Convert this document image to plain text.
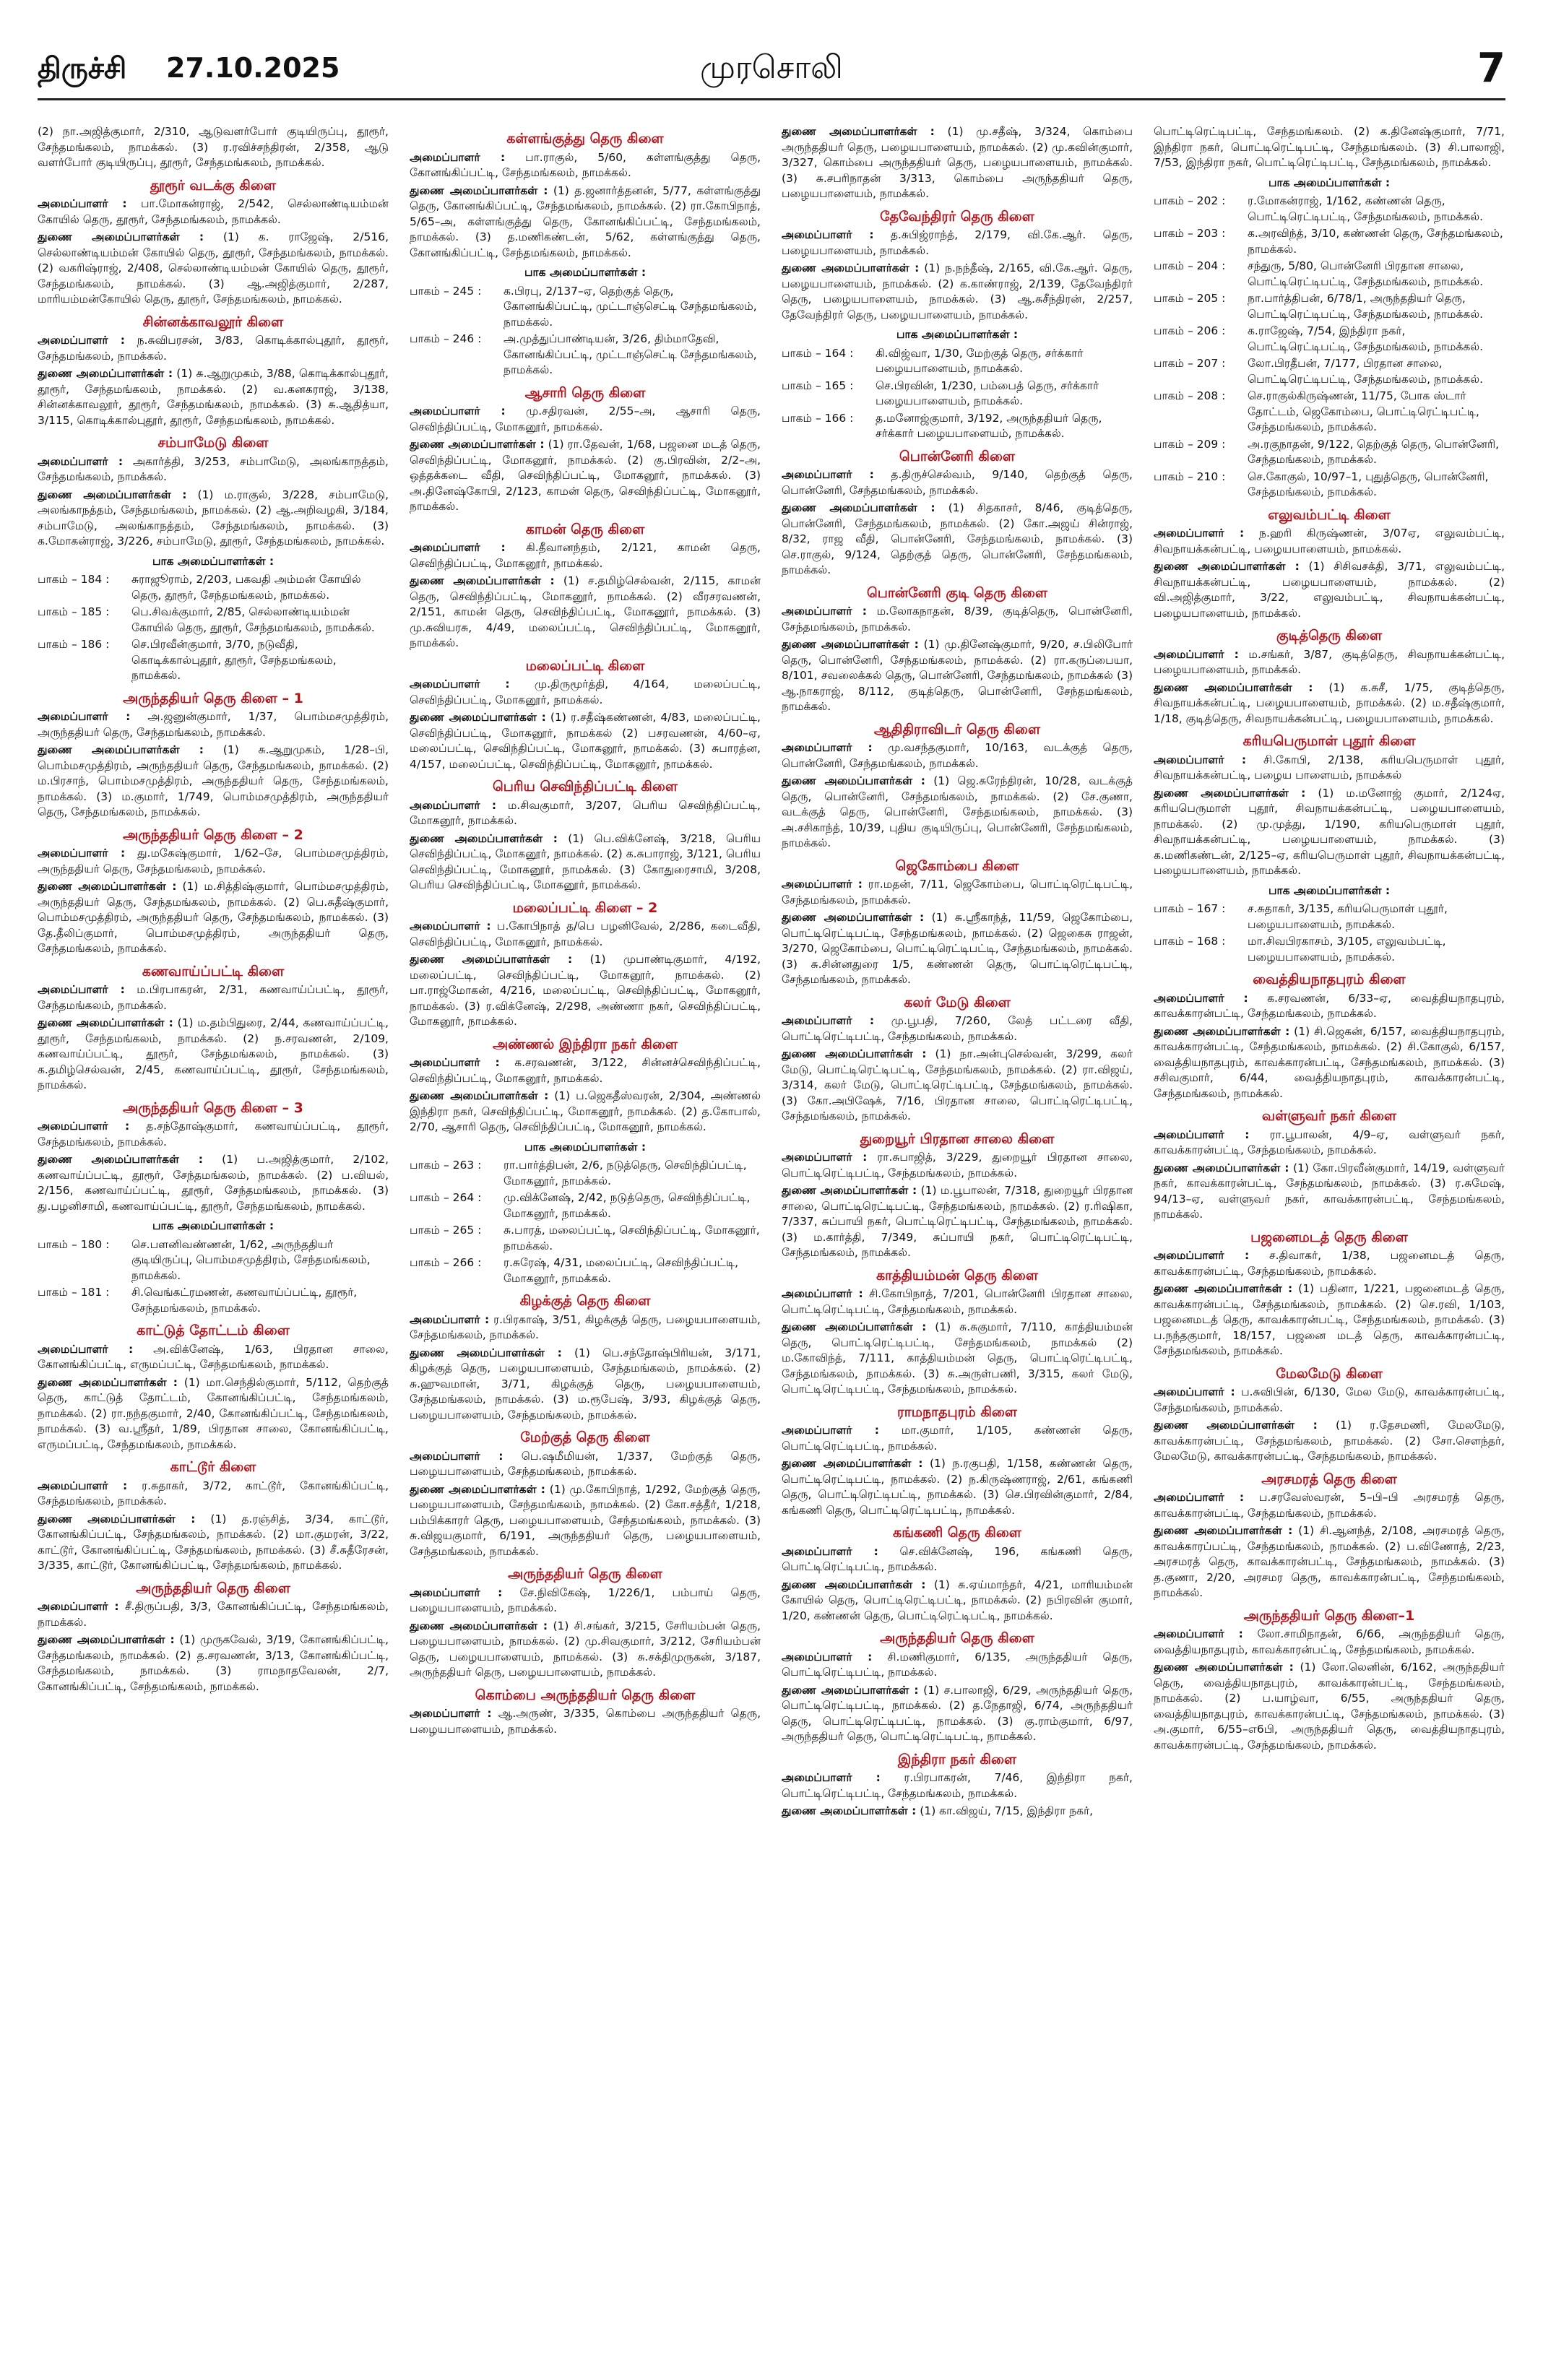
திருச்சி 27.10.2025	முரசொலி	7
(2) நா.அஜித்குமார், 2/310, ஆடுவளர்போர் குடியிருப்பு, தூரூர், சேந்தமங்கலம், நாமக்கல். (3) ர.ரவிச்சந்திரன், 2/358, ஆடு வளர்போர் குடியிருப்பு, தூரூர், சேந்தமங்கலம், நாமக்கல்.
தூரூர் வடக்கு கிளை
அமைப்பாளர் : பா.மோகன்ராஜ், 2/542, செல்லாண்டியம்மன் கோயில் தெரு, தூரூர், சேந்தமங்கலம், நாமக்கல்.
துணை அமைப்பாளர்கள் : (1) க. ராஜேஷ், 2/516, செல்லாண்டியம்மன் கோயில் தெரு, தூரூர், சேந்தமங்கலம், நாமக்கல். (2) வகரிஷ்ராஜ், 2/408, செல்லாண்டியம்மன் கோயில் தெரு, தூரூர், சேந்தமங்கலம், நாமக்கல். (3) ஆ.அஜித்குமார், 2/287, மாரியம்மன்கோயில் தெரு, தூரூர், சேந்தமங்கலம், நாமக்கல்.
சின்னக்காவலூர் கிளை
அமைப்பாளர் : ந.சுவிபரசன், 3/83, கொடிக்கால்புதூர், தூரூர், சேந்தமங்கலம், நாமக்கல்.
துணை அமைப்பாளர்கள் : (1) சு.ஆறுமுகம், 3/88, கொடிக்கால்புதூர், தூரூர், சேந்தமங்கலம், நாமக்கல். (2) வ.கனகராஜ், 3/138, சின்னக்காவலூர், தூரூர், சேந்தமங்கலம், நாமக்கல். (3) சு.ஆதித்யா, 3/115, கொடிக்கால்புதூர், தூரூர், சேந்தமங்கலம், நாமக்கல்.
சம்பாமேடு கிளை
அமைப்பாளர் : அகார்த்தி, 3/253, சம்பாமேடு, அலங்காநத்தம், சேந்தமங்கலம், நாமக்கல்.
துணை அமைப்பாளர்கள் : (1) ம.ராகுல், 3/228, சம்பாமேடு, அலங்காநத்தம், சேந்தமங்கலம், நாமக்கல். (2) ஆ.அறிவழகி, 3/184, சம்பாமேடு, அலங்காநத்தம், சேந்தமங்கலம், நாமக்கல். (3) க.மோகன்ராஜ், 3/226, சம்பாமேடு, தூரூர், சேந்தமங்கலம், நாமக்கல்.
பாக அமைப்பாளர்கள் :
பாகம் – 184 :	சுராஜூராம், 2/203, பகவதி அம்மன் கோயில் தெரு, தூரூர், சேந்தமங்கலம், நாமக்கல்.
பாகம் – 185 :	பெ.சிவக்குமார், 2/85, செல்லாண்டியம்மன் கோயில் தெரு, தூரூர், சேந்தமங்கலம், நாமக்கல்.
பாகம் – 186 :	செ.பிரவீன்குமார், 3/70, நடுவீதி, கொடிக்கால்புதூர், தூரூர், சேந்தமங்கலம், நாமக்கல்.
அருந்ததியர் தெரு கிளை – 1
அமைப்பாளர் : அ.ஜனுன்குமார், 1/37, பொம்மசமுத்திரம், அருந்ததியர் தெரு, சேந்தமங்கலம், நாமக்கல்.
துணை அமைப்பாளர்கள் : (1) சு.ஆறுமுகம், 1/28–பி, பொம்மசமுத்திரம், அருந்ததியர் தெரு, சேந்தமங்கலம், நாமக்கல். (2) ம.பிரசாந், பொம்மசமுத்திரம், அருந்ததியர் தெரு, சேந்தமங்கலம், நாமக்கல். (3) ம.குமார், 1/749, பொம்மசமுத்திரம், அருந்ததியர் தெரு, சேந்தமங்கலம், நாமக்கல்.
அருந்ததியர் தெரு கிளை – 2
அமைப்பாளர் : து.மகேஷ்குமார், 1/62–சே, பொம்மசமுத்திரம், அருந்ததியர் தெரு, சேந்தமங்கலம், நாமக்கல்.
துணை அமைப்பாளர்கள் : (1) ம.சித்திஷ்குமார், பொம்மசமுத்திரம், அருந்ததியர் தெரு, சேந்தமங்கலம், நாமக்கல். (2) பெ.சுதீஷ்குமார், பொம்மசமுத்திரம், அருந்ததியர் தெரு, சேந்தமங்கலம், நாமக்கல். (3) தே.தீலிப்குமார், பொம்மசமுத்திரம், அருந்ததியர் தெரு, சேந்தமங்கலம், நாமக்கல்.
கணவாய்ப்பட்டி கிளை
அமைப்பாளர் : ம.பிரபாகரன், 2/31, கணவாய்ப்பட்டி, தூரூர், சேந்தமங்கலம், நாமக்கல்.
துணை அமைப்பாளர்கள் : (1) ம.தம்பிதுரை, 2/44, கணவாய்ப்பட்டி, தூரூர், சேந்தமங்கலம், நாமக்கல். (2) ந.சரவணன், 2/109, கணவாய்ப்பட்டி, தூரூர், சேந்தமங்கலம், நாமக்கல். (3) க.தமிழ்செல்வன், 2/45, கணவாய்ப்பட்டி, தூரூர், சேந்தமங்கலம், நாமக்கல்.
அருந்ததியர் தெரு கிளை – 3
அமைப்பாளர் : த.சந்தோஷ்குமார், கணவாய்ப்பட்டி, தூரூர், சேந்தமங்கலம், நாமக்கல்.
துணை அமைப்பாளர்கள் : (1) ப.அஜித்குமார், 2/102, கணவாய்ப்பட்டி, தூரூர், சேந்தமங்கலம், நாமக்கல். (2) ப.வியல், 2/156, கணவாய்ப்பட்டி, தூரூர், சேந்தமங்கலம், நாமக்கல். (3) து.பழனிசாமி, கணவாய்ப்பட்டி, தூரூர், சேந்தமங்கலம், நாமக்கல்.
பாக அமைப்பாளர்கள் :
பாகம் – 180 :	செ.பளனிவண்ணன், 1/62, அருந்ததியர் குடியிருப்பு, பொம்மசமுத்திரம், சேந்தமங்கலம், நாமக்கல்.
பாகம் – 181 :	சி.வெங்கட்ரமணன், கணவாய்ப்பட்டி, தூரூர், சேந்தமங்கலம், நாமக்கல்.
காட்டுத் தோட்டம் கிளை
அமைப்பாளர் : அ.விக்னேஷ், 1/63, பிரதான சாலை, கோனங்கிப்பட்டி, எருமப்பட்டி, சேந்தமங்கலம், நாமக்கல்.
துணை அமைப்பாளர்கள் : (1) மா.செந்தில்குமார், 5/112, தெற்குத் தெரு, காட்டுத் தோட்டம், கோனங்கிப்பட்டி, சேந்தமங்கலம், நாமக்கல். (2) ரா.நந்தகுமார், 2/40, கோனங்கிப்பட்டி, சேந்தமங்கலம், நாமக்கல். (3) வ.ஸ்ரீதர், 1/89, பிரதான சாலை, கோனங்கிப்பட்டி, எருமப்பட்டி, சேந்தமங்கலம், நாமக்கல்.
காட்டூர் கிளை
அமைப்பாளர் : ர.சுதாகர், 3/72, காட்டூர், கோனங்கிப்பட்டி, சேந்தமங்கலம், நாமக்கல்.
துணை அமைப்பாளர்கள் : (1) த.ரஞ்சித், 3/34, காட்டூர், கோனங்கிப்பட்டி, சேந்தமங்கலம், நாமக்கல். (2) மா.குமரன், 3/22, காட்டூர், கோனங்கிப்பட்டி, சேந்தமங்கலம், நாமக்கல். (3) சீ.சுதீரேசன், 3/335, காட்டூர், கோனங்கிப்பட்டி, சேந்தமங்கலம், நாமக்கல்.
அருந்ததியர் தெரு கிளை
அமைப்பாளர் : சீ.திருப்பதி, 3/3, கோனங்கிப்பட்டி, சேந்தமங்கலம், நாமக்கல்.
துணை அமைப்பாளர்கள் : (1) முருகவேல், 3/19, கோனங்கிப்பட்டி, சேந்தமங்கலம், நாமக்கல். (2) த.சரவணன், 3/13, கோனங்கிப்பட்டி, சேந்தமங்கலம், நாமக்கல். (3) ராமநாதவேலன், 2/7, கோனங்கிப்பட்டி, சேந்தமங்கலம், நாமக்கல்.
கள்ளங்குத்து தெரு கிளை
அமைப்பாளர் : பா.ராகுல், 5/60, கள்ளங்குத்து தெரு, கோனங்கிப்பட்டி, சேந்தமங்கலம், நாமக்கல்.
துணை அமைப்பாளர்கள் : (1) த.ஜனார்த்தனன், 5/77, கள்ளங்குத்து தெரு, கோனங்கிப்பட்டி, சேந்தமங்கலம், நாமக்கல். (2) ரா.கோபிநாத், 5/65–அ, கள்ளங்குத்து தெரு, கோனங்கிப்பட்டி, சேந்தமங்கலம், நாமக்கல். (3) த.மணிகண்டன், 5/62, கள்ளங்குத்து தெரு, கோனங்கிப்பட்டி, சேந்தமங்கலம், நாமக்கல்.
பாக அமைப்பாளர்கள் :
பாகம் – 245 :	க.பிரபு, 2/137–ஏ, தெற்குத் தெரு, கோனங்கிப்பட்டி, முட்டாஞ்செட்டி சேந்தமங்கலம், நாமக்கல்.
பாகம் – 246 :	அ.முத்துப்பாண்டியன், 3/26, திம்மாதேவி, கோனங்கிப்பட்டி, முட்டாஞ்செட்டி சேந்தமங்கலம், நாமக்கல்.
ஆசாரி தெரு கிளை
அமைப்பாளர் : மு.சதிரவன், 2/55–அ, ஆசாரி தெரு, செவிந்திப்பட்டி, மோகனூர், நாமக்கல்.
துணை அமைப்பாளர்கள் : (1) ரா.தேவன், 1/68, பஜனை மடத் தெரு, செவிந்திப்பட்டி, மோகனூர், நாமக்கல். (2) கு.பிரவின், 2/2–அ, ஒத்தக்கடை வீதி, செவிந்திப்பட்டி, மோகனூர், நாமக்கல். (3) அ.தினேஷ்கோபி, 2/123, காமன் தெரு, செவிந்திப்பட்டி, மோகனூர், நாமக்கல்.
காமன் தெரு கிளை
அமைப்பாளர் : கி.தீவானந்தம், 2/121, காமன் தெரு, செவிந்திப்பட்டி, மோகனூர், நாமக்கல்.
துணை அமைப்பாளர்கள் : (1) ச.தமிழ்செல்வன், 2/115, காமன் தெரு, செவிந்திப்பட்டி, மோகனூர், நாமக்கல். (2) வீரசரவணன், 2/151, காமன் தெரு, செவிந்திப்பட்டி, மோகனூர், நாமக்கல். (3) மு.சுவியரசு, 4/49, மலைப்பட்டி, செவிந்திப்பட்டி, மோகனூர், நாமக்கல்.
மலைப்பட்டி கிளை
அமைப்பாளர் : மு.திருமூர்த்தி, 4/164, மலைப்பட்டி, செவிந்திப்பட்டி, மோகனூர், நாமக்கல்.
துணை அமைப்பாளர்கள் : (1) ர.சதீஷ்கண்ணன், 4/83, மலைப்பட்டி, செவிந்திப்பட்டி, மோகனூர், நாமக்கல் (2) பசரவணன், 4/60–ஏ, மலைப்பட்டி, செவிந்திப்பட்டி, மோகனூர், நாமக்கல். (3) சுபாரத்ன, 4/157, மலைப்பட்டி, செவிந்திப்பட்டி, மோகனூர், நாமக்கல்.
பெரிய செவிந்திப்பட்டி கிளை
அமைப்பாளர் : ம.சிவகுமார், 3/207, பெரிய செவிந்திப்பட்டி, மோகனூர், நாமக்கல்.
துணை அமைப்பாளர்கள் : (1) பெ.விக்னேஷ், 3/218, பெரிய செவிந்திப்பட்டி, மோகனூர், நாமக்கல். (2) க.சுபாராஜ், 3/121, பெரிய செவிந்திப்பட்டி, மோகனூர், நாமக்கல். (3) கோதுரைசாமி, 3/208, பெரிய செவிந்திப்பட்டி, மோகனூர், நாமக்கல்.
மலைப்பட்டி கிளை – 2
அமைப்பாளர் : ப.கோபிநாத் த/பெ பழனிவேல், 2/286, கடைவீதி, செவிந்திப்பட்டி, மோகனூர், நாமக்கல்.
துணை அமைப்பாளர்கள் : (1) முபாண்டிகுமார், 4/192, மலைப்பட்டி, செவிந்திப்பட்டி, மோகனூர், நாமக்கல். (2) பா.ராஜ்மோகன், 4/216, மலைப்பட்டி, செவிந்திப்பட்டி, மோகனூர், நாமக்கல். (3) ர.விக்னேஷ், 2/298, அண்ணா நகர், செவிந்திப்பட்டி, மோகனூர், நாமக்கல்.
அண்ணல் இந்திரா நகர் கிளை
அமைப்பாளர் : க.சரவணன், 3/122, சின்னச்செவிந்திப்பட்டி, செவிந்திப்பட்டி, மோகனூர், நாமக்கல்.
துணை அமைப்பாளர்கள் : (1) ப.ஜெகதீஸ்வரன், 2/304, அண்ணல் இந்திரா நகர், செவிந்திப்பட்டி, மோகனூர், நாமக்கல். (2) த.கோபால், 2/70, ஆசாரி தெரு, செவிந்திப்பட்டி, மோகனூர், நாமக்கல்.
பாக அமைப்பாளர்கள் :
பாகம் – 263 :	ரா.பார்த்திபன், 2/6, நடுத்தெரு, செவிந்திப்பட்டி, மோகனூர், நாமக்கல்.
பாகம் – 264 :	மு.விக்னேஷ், 2/42, நடுத்தெரு, செவிந்திப்பட்டி, மோகனூர், நாமக்கல்.
பாகம் – 265 :	சு.பாரத், மலைப்பட்டி, செவிந்திப்பட்டி, மோகனூர், நாமக்கல்.
பாகம் – 266 :	ர.சுரேஷ், 4/31, மலைப்பட்டி, செவிந்திப்பட்டி, மோகனூர், நாமக்கல்.
கிழக்குத் தெரு கிளை
அமைப்பாளர் : ர.பிரகாஷ், 3/51, கிழக்குத் தெரு, பழையபாளையம், சேந்தமங்கலம், நாமக்கல்.
துணை அமைப்பாளர்கள் : (1) பெ.சந்தோஷ்பிரியன், 3/171, கிழக்குத் தெரு, பழையபாளையம், சேந்தமங்கலம், நாமக்கல். (2) சு.ஹுவமான், 3/71, கிழக்குத் தெரு, பழையபாளையம், சேந்தமங்கலம், நாமக்கல். (3) ம.ரூபேஷ், 3/93, கிழக்குத் தெரு, பழையபாளையம், சேந்தமங்கலம், நாமக்கல்.
மேற்குத் தெரு கிளை
அமைப்பாளர் : பெ.ஷமீமியன், 1/337, மேற்குத் தெரு, பழையபாளையம், சேந்தமங்கலம், நாமக்கல்.
துணை அமைப்பாளர்கள் : (1) மு.கோபிநாத், 1/292, மேற்குத் தெரு, பழையபாளையம், சேந்தமங்கலம், நாமக்கல். (2) கோ.சத்தீர், 1/218, பம்பிக்காரர் தெரு, பழையபாளையம், சேந்தமங்கலம், நாமக்கல். (3) சு.விஜயகுமார், 6/191, அருந்ததியர் தெரு, பழையபாளையம், சேந்தமங்கலம், நாமக்கல்.
அருந்ததியர் தெரு கிளை
அமைப்பாளர் : சே.நிவிகேஷ், 1/226/1, பம்பாய் தெரு, பழையபாளையம், நாமக்கல்.
துணை அமைப்பாளர்கள் : (1) சி.சங்கர், 3/215, சேரியம்பன் தெரு, பழையபாளையம், நாமக்கல். (2) மு.சிவகுமார், 3/212, சேரியம்பன் தெரு, பழையபாளையம், நாமக்கல். (3) சு.சக்திமுருகன், 3/187, அருந்ததியர் தெரு, பழையபாளையம், நாமக்கல்.
கொம்பை அருந்ததியர் தெரு கிளை
அமைப்பாளர் : ஆ.அருண், 3/335, கொம்பை அருந்ததியர் தெரு, பழையபாளையம், நாமக்கல்.
துணை அமைப்பாளர்கள் : (1) மு.சதீஷ், 3/324, கொம்பை அருந்ததியர் தெரு, பழையபாளையம், நாமக்கல். (2) மு.கவின்குமார், 3/327, கொம்பை அருந்ததியர் தெரு, பழையபாளையம், நாமக்கல். (3) சு.சபரிநாதன் 3/313, கொம்பை அருந்ததியர் தெரு, பழையபாளையம், நாமக்கல்.
தேவேந்திரர் தெரு கிளை
அமைப்பாளர் : த.சுபிஜ்ராந்த், 2/179, வி.கே.ஆர். தெரு, பழையபாளையம், நாமக்கல்.
துணை அமைப்பாளர்கள் : (1) ந.நந்தீஷ், 2/165, வி.கே.ஆர். தெரு, பழையபாளையம், நாமக்கல். (2) க.காண்ராஜ், 2/139, தேவேந்திரர் தெரு, பழையபாளையம், நாமக்கல். (3) ஆ.சுசீந்திரன், 2/257, தேவேந்திரர் தெரு, பழையபாளையம், நாமக்கல்.
பாக அமைப்பாளர்கள் :
பாகம் – 164 :	கி.விஜ்வா, 1/30, மேற்குத் தெரு, சர்க்கார் பழையபாளையம், நாமக்கல்.
பாகம் – 165 :	செ.பிரவின், 1/230, பம்பைத் தெரு, சர்க்கார் பழையபாளையம், நாமக்கல்.
பாகம் – 166 :	த.மனோஜ்குமார், 3/192, அருந்ததியர் தெரு, சர்க்கார் பழையபாளையம், நாமக்கல்.
பொன்னேரி கிளை
அமைப்பாளர் : த.திருச்செல்வம், 9/140, தெற்குத் தெரு, பொன்னேரி, சேந்தமங்கலம், நாமக்கல்.
துணை அமைப்பாளர்கள் : (1) சிதகாசர், 8/46, குடித்தெரு, பொன்னேரி, சேந்தமங்கலம், நாமக்கல். (2) கோ.அஜய் சின்ராஜ், 8/32, ராஜ வீதி, பொன்னேரி, சேந்தமங்கலம், நாமக்கல். (3) செ.ராகுல், 9/124, தெற்குத் தெரு, பொன்னேரி, சேந்தமங்கலம், நாமக்கல்.
பொன்னேரி குடி தெரு கிளை
அமைப்பாளர் : ம.லோகநாதன், 8/39, குடித்தெரு, பொன்னேரி, சேந்தமங்கலம், நாமக்கல்.
துணை அமைப்பாளர்கள் : (1) மு.தினேஷ்குமார், 9/20, ச.பிலிபோர் தெரு, பொன்னேரி, சேந்தமங்கலம், நாமக்கல். (2) ரா.கருப்பையா, 8/101, சவலைக்கல் தெரு, பொன்னேரி, சேந்தமங்கலம், நாமக்கல் (3) ஆ.நாகராஜ், 8/112, குடித்தெரு, பொன்னேரி, சேந்தமங்கலம், நாமக்கல்.
ஆதிதிராவிடர் தெரு கிளை
அமைப்பாளர் : மு.வசந்தகுமார், 10/163, வடக்குத் தெரு, பொன்னேரி, சேந்தமங்கலம், நாமக்கல்.
துணை அமைப்பாளர்கள் : (1) ஜெ.சுரேந்திரன், 10/28, வடக்குத் தெரு, பொன்னேரி, சேந்தமங்கலம், நாமக்கல். (2) சே.குணா, வடக்குத் தெரு, பொன்னேரி, சேந்தமங்கலம், நாமக்கல். (3) அ.சசிகாந்த், 10/39, புதிய குடியிருப்பு, பொன்னேரி, சேந்தமங்கலம், நாமக்கல்.
ஜெகோம்பை கிளை
அமைப்பாளர் : ரா.மதன், 7/11, ஜெகோம்பை, பொட்டிரெட்டிபட்டி, சேந்தமங்கலம், நாமக்கல்.
துணை அமைப்பாளர்கள் : (1) சு.ஸ்ரீகாந்த், 11/59, ஜெகோம்பை, பொட்டிரெட்டிபட்டி, சேந்தமங்கலம், நாமக்கல். (2) ஜெகைசு ராஜன், 3/270, ஜெகோம்பை, பொட்டிரெட்டிபட்டி, சேந்தமங்கலம், நாமக்கல். (3) சு.சின்னதுரை 1/5, கண்ணன் தெரு, பொட்டிரெட்டிபட்டி, சேந்தமங்கலம், நாமக்கல்.
கலர் மேடு கிளை
அமைப்பாளர் : மு.பூபதி, 7/260, லேத் பட்டரை வீதி, பொட்டிரெட்டிபட்டி, சேந்தமங்கலம், நாமக்கல்.
துணை அமைப்பாளர்கள் : (1) நா.அன்புசெல்வன், 3/299, கலர் மேடு, பொட்டிரெட்டிபட்டி, சேந்தமங்கலம், நாமக்கல். (2) ரா.விஜய், 3/314, கலர் மேடு, பொட்டிரெட்டிபட்டி, சேந்தமங்கலம், நாமக்கல். (3) கோ.அபிஷேக், 7/16, பிரதான சாலை, பொட்டிரெட்டிபட்டி, சேந்தமங்கலம், நாமக்கல்.
துறையூர் பிரதான சாலை கிளை
அமைப்பாளர் : ரா.சுபாஜித், 3/229, துறையூர் பிரதான சாலை, பொட்டிரெட்டிபட்டி, சேந்தமங்கலம், நாமக்கல்.
துணை அமைப்பாளர்கள் : (1) ம.பூபாலன், 7/318, துறையூர் பிரதான சாலை, பொட்டிரெட்டிபட்டி, சேந்தமங்கலம், நாமக்கல். (2) ர.ரிஷிகா, 7/337, சுப்பாயி நகர், பொட்டிரெட்டிபட்டி, சேந்தமங்கலம், நாமக்கல். (3) ம.கார்த்தி, 7/349, சுப்பாயி நகர், பொட்டிரெட்டிபட்டி, சேந்தமங்கலம், நாமக்கல்.
காத்தியம்மன் தெரு கிளை
அமைப்பாளர் : சி.கோபிநாத், 7/201, பொன்னேரி பிரதான சாலை, பொட்டிரெட்டிபட்டி, சேந்தமங்கலம், நாமக்கல்.
துணை அமைப்பாளர்கள் : (1) சு.சுகுமார், 7/110, காத்தியம்மன் தெரு, பொட்டிரெட்டிபட்டி, சேந்தமங்கலம், நாமக்கல் (2) ம.கோவிந்த், 7/111, காத்தியம்மன் தெரு, பொட்டிரெட்டிபட்டி, சேந்தமங்கலம், நாமக்கல். (3) சு.அருள்பணி, 3/315, கலர் மேடு, பொட்டிரெட்டிபட்டி, சேந்தமங்கலம், நாமக்கல்.
ராமநாதபுரம் கிளை
அமைப்பாளர் : மா.குமார், 1/105, கண்ணன் தெரு, பொட்டிரெட்டிபட்டி, நாமக்கல்.
துணை அமைப்பாளர்கள் : (1) ந.ரகுபதி, 1/158, கண்ணன் தெரு, பொட்டிரெட்டிபட்டி, நாமக்கல். (2) ந.கிருஷ்ணராஜ், 2/61, கங்கணி தெரு, பொட்டிரெட்டிபட்டி, நாமக்கல். (3) செ.பிரவின்குமார், 2/84, கங்கணி தெரு, பொட்டிரெட்டிபட்டி, நாமக்கல்.
கங்கணி தெரு கிளை
அமைப்பாளர் : செ.விக்னேஷ், 196, கங்கணி தெரு, பொட்டிரெட்டிபட்டி, நாமக்கல்.
துணை அமைப்பாளர்கள் : (1) சு.ஏய்மாந்தர், 4/21, மாரியம்மன் கோயில் தெரு, பொட்டிரெட்டிபட்டி, நாமக்கல். (2) நபிரவின் குமார், 1/20, கண்ணன் தெரு, பொட்டிரெட்டிபட்டி, நாமக்கல்.
அருந்ததியர் தெரு கிளை
அமைப்பாளர் : சி.மணிகுமார், 6/135, அருந்ததியர் தெரு, பொட்டிரெட்டிபட்டி, நாமக்கல்.
துணை அமைப்பாளர்கள் : (1) ச.பாலாஜி, 6/29, அருந்ததியர் தெரு, பொட்டிரெட்டிபட்டி, நாமக்கல். (2) த.நேதாஜி, 6/74, அருந்ததியர் தெரு, பொட்டிரெட்டிபட்டி, நாமக்கல். (3) கு.ராம்குமார், 6/97, அருந்ததியர் தெரு, பொட்டிரெட்டிபட்டி, நாமக்கல்.
இந்திரா நகர் கிளை
அமைப்பாளர் : ர.பிரபாகரன், 7/46, இந்திரா நகர், பொட்டிரெட்டிபட்டி, சேந்தமங்கலம், நாமக்கல்.
துணை அமைப்பாளர்கள் : (1) கா.விஜய், 7/15, இந்திரா நகர்,
பொட்டிரெட்டிபட்டி, சேந்தமங்கலம். (2) க.தினேஷ்குமார், 7/71, இந்திரா நகர், பொட்டிரெட்டிபட்டி, சேந்தமங்கலம். (3) சி.பாலாஜி, 7/53, இந்திரா நகர், பொட்டிரெட்டிபட்டி, சேந்தமங்கலம், நாமக்கல்.
பாக அமைப்பாளர்கள் :
பாகம் – 202 :	ர.மோகன்ராஜ், 1/162, கண்ணன் தெரு, பொட்டிரெட்டிபட்டி, சேந்தமங்கலம், நாமக்கல்.
பாகம் – 203 :	க.அரவிந்த், 3/10, கண்ணன் தெரு, சேந்தமங்கலம், நாமக்கல்.
பாகம் – 204 :	சந்துரு, 5/80, பொன்னேரி பிரதான சாலை, பொட்டிரெட்டிபட்டி, சேந்தமங்கலம், நாமக்கல்.
பாகம் – 205 :	நா.பார்த்திபன், 6/78/1, அருந்ததியர் தெரு, பொட்டிரெட்டிபட்டி, சேந்தமங்கலம், நாமக்கல்.
பாகம் – 206 :	க.ராஜேஷ், 7/54, இந்திரா நகர், பொட்டிரெட்டிபட்டி, சேந்தமங்கலம், நாமக்கல்.
பாகம் – 207 :	லோ.பிரதீபன், 7/177, பிரதான சாலை, பொட்டிரெட்டிபட்டி, சேந்தமங்கலம், நாமக்கல்.
பாகம் – 208 :	செ.ராகுல்கிருஷ்ணன், 11/75, போக ஸ்டார் தோட்டம், ஜெகோம்பை, பொட்டிரெட்டிபட்டி, சேந்தமங்கலம், நாமக்கல்.
பாகம் – 209 :	அ.ரகுநாதன், 9/122, தெற்குத் தெரு, பொன்னேரி, சேந்தமங்கலம், நாமக்கல்.
பாகம் – 210 :	செ.கோகுல், 10/97–1, புதுத்தெரு, பொன்னேரி, சேந்தமங்கலம், நாமக்கல்.
எலுவம்பட்டி கிளை
அமைப்பாளர் : ந.ஹரி கிருஷ்ணன், 3/07ஏ, எலுவம்பட்டி, சிவநாயக்கன்பட்டி, பழையபாளையம், நாமக்கல்.
துணை அமைப்பாளர்கள் : (1) சிசிவசக்தி, 3/71, எலுவம்பட்டி, சிவநாயக்கன்பட்டி, பழையபாளையம், நாமக்கல். (2) வி.அஜித்குமார், 3/22, எலுவம்பட்டி, சிவநாயக்கன்பட்டி, பழையபாளையம், நாமக்கல்.
குடித்தெரு கிளை
அமைப்பாளர் : ம.சங்கர், 3/87, குடித்தெரு, சிவநாயக்கன்பட்டி, பழையபாளையம், நாமக்கல்.
துணை அமைப்பாளர்கள் : (1) க.சுசீ, 1/75, குடித்தெரு, சிவநாயக்கன்பட்டி, பழையபாளையம், நாமக்கல். (2) ம.சதீஷ்குமார், 1/18, குடித்தெரு, சிவநாயக்கன்பட்டி, பழையபாளையம், நாமக்கல்.
கரியபெருமாள் புதூர் கிளை
அமைப்பாளர் : சி.கோபி, 2/138, கரியபெருமாள் புதூர், சிவநாயக்கன்பட்டி, பழைய பாளையம், நாமக்கல்
துணை அமைப்பாளர்கள் : (1) ம.மனோஜ் குமார், 2/124ஏ, கரியபெருமாள் புதூர், சிவநாயக்கன்பட்டி, பழையபாளையம், நாமக்கல். (2) மு.முத்து, 1/190, கரியபெருமாள் புதூர், சிவநாயக்கன்பட்டி, பழையபாளையம், நாமக்கல். (3) க.மணிகண்டன், 2/125–ஏ, கரியபெருமாள் புதூர், சிவநாயக்கன்பட்டி, பழையபாளையம், நாமக்கல்.
பாக அமைப்பாளர்கள் :
பாகம் – 167 :	ச.சுதாகர், 3/135, கரியபெருமாள் புதூர், பழையபாளையம், நாமக்கல்.
பாகம் – 168 :	மா.சிவபிரகாசம், 3/105, எலுவம்பட்டி, பழையபாளையம், நாமக்கல்.
வைத்தியநாதபுரம் கிளை
அமைப்பாளர் : க.சரவணன், 6/33–ஏ, வைத்தியநாதபுரம், காவக்காரன்பட்டி, சேந்தமங்கலம், நாமக்கல்.
துணை அமைப்பாளர்கள் : (1) சி.ஜெகன், 6/157, வைத்தியநாதபுரம், காவக்காரன்பட்டி, சேந்தமங்கலம், நாமக்கல். (2) சி.கோகுல், 6/157, வைத்தியநாதபுரம், காவக்காரன்பட்டி, சேந்தமங்கலம், நாமக்கல். (3) சசிவகுமார், 6/44, வைத்தியநாதபுரம், காவக்காரன்பட்டி, சேந்தமங்கலம், நாமக்கல்.
வள்ளுவர் நகர் கிளை
அமைப்பாளர் : ரா.பூபாலன், 4/9–ஏ, வள்ளுவர் நகர், காவக்காரன்பட்டி, சேந்தமங்கலம், நாமக்கல்.
துணை அமைப்பாளர்கள் : (1) கோ.பிரவீன்குமார், 14/19, வள்ளுவர் நகர், காவக்காரன்பட்டி, சேந்தமங்கலம், நாமக்கல். (3) ர.சுமேஷ், 94/13–ஏ, வள்ளுவர் நகர், காவக்காரன்பட்டி, சேந்தமங்கலம், நாமக்கல்.
பஜனைமடத் தெரு கிளை
அமைப்பாளர் : ச.திவாகர், 1/38, பஜனைமடத் தெரு, காவக்காரன்பட்டி, சேந்தமங்கலம், நாமக்கல்.
துணை அமைப்பாளர்கள் : (1) பதினா, 1/221, பஜனைமடத் தெரு, காவக்காரன்பட்டி, சேந்தமங்கலம், நாமக்கல். (2) செ.ரவி, 1/103, பஜனைமடத் தெரு, காவக்காரன்பட்டி, சேந்தமங்கலம், நாமக்கல். (3) ப.நந்தகுமார், 18/157, பஜனை மடத் தெரு, காவக்காரன்பட்டி, சேந்தமங்கலம், நாமக்கல்.
மேலமேடு கிளை
அமைப்பாளர் : ப.சுவிபின், 6/130, மேல மேடு, காவக்காரன்பட்டி, சேந்தமங்கலம், நாமக்கல்.
துணை அமைப்பாளர்கள் : (1) ர.தேசமணி, மேலமேடு, காவக்காரன்பட்டி, சேந்தமங்கலம், நாமக்கல். (2) சோ.செளந்தர், மேலமேடு, காவக்காரன்பட்டி, சேந்தமங்கலம், நாமக்கல்.
அரசமரத் தெரு கிளை
அமைப்பாளர் : ப.சரவேஸ்வரன், 5–பி–பி அரசமரத் தெரு, காவக்காரன்பட்டி, சேந்தமங்கலம், நாமக்கல்.
துணை அமைப்பாளர்கள் : (1) சி.ஆனந்த், 2/108, அரசமரத் தெரு, காவக்காரப்பட்டி, சேந்தமங்கலம், நாமக்கல். (2) ப.விணோத், 2/23, அரசமரத் தெரு, காவக்காரன்பட்டி, சேந்தமங்கலம், நாமக்கல். (3) த.குணா, 2/20, அரசமர தெரு, காவக்காரன்பட்டி, சேந்தமங்கலம், நாமக்கல்.
அருந்ததியர் தெரு கிளை–1
அமைப்பாளர் : லோ.சாமிநாதன், 6/66, அருந்ததியர் தெரு, வைத்தியநாதபுரம், காவக்காரன்பட்டி, சேந்தமங்கலம், நாமக்கல்.
துணை அமைப்பாளர்கள் : (1) லோ.லெனின், 6/162, அருந்ததியர் தெரு, வைத்தியநாதபுரம், காவக்காரன்பட்டி, சேந்தமங்கலம், நாமக்கல். (2) ப.யாழ்வா, 6/55, அருந்ததியர் தெரு, வைத்தியநாதபுரம், காவக்காரன்பட்டி, சேந்தமங்கலம், நாமக்கல். (3) அ.குமார், 6/55–எ6பி, அருந்ததியர் தெரு, வைத்தியநாதபுரம், காவக்காரன்பட்டி, சேந்தமங்கலம், நாமக்கல்.
